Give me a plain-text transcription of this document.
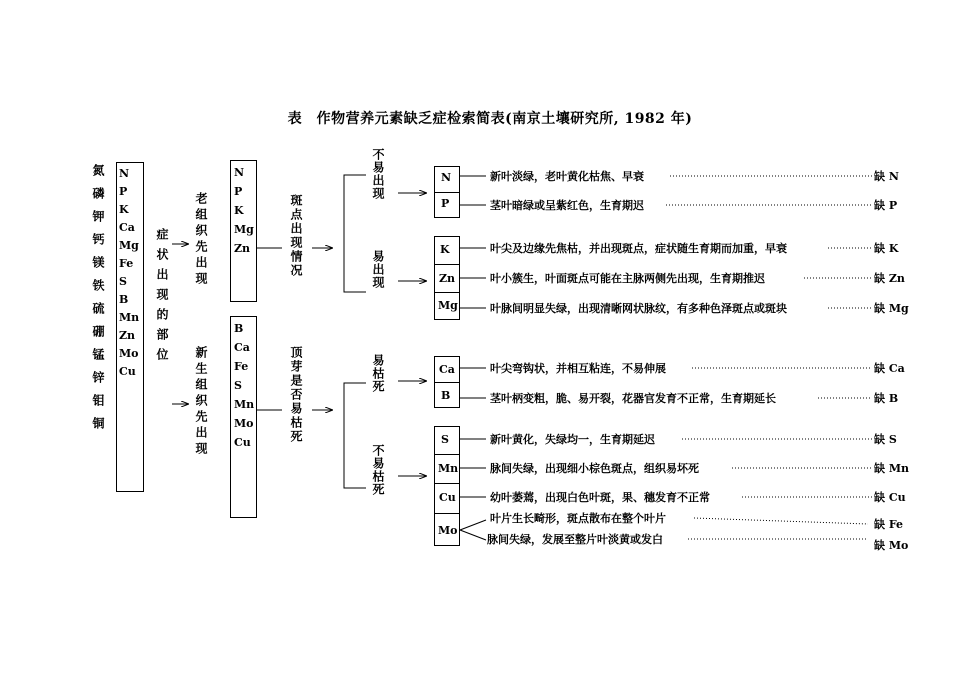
表　作物营养元素缺乏症检索简表(南京土壤研究所, 1982 年)
氮磷钾钙镁铁硫硼锰锌钼铜
N
P
K
Ca
Mg
Fe
S
B
Mn
Zn
Mo
Cu
症状出现的部位 老组织先出现
新生组织先出现
N
P
K
Mg
Zn
B
Ca
Fe
S
Mn
Mo
Cu
斑点出现情况
顶芽是否易枯死
不易出现
易出现
易枯死
不易枯死
N
P
K
Zn
Mg
Ca
B
S
Mn
Cu
Mo
新叶淡绿，老叶黄化枯焦、早衰
茎叶暗绿或呈紫红色，生育期迟
叶尖及边缘先焦枯，并出现斑点，症状随生育期而加重，早衰
叶小簇生，叶面斑点可能在主脉两侧先出现，生育期推迟
叶脉间明显失绿，出现清晰网状脉纹，有多种色泽斑点或斑块
叶尖弯钩状，并相互粘连，不易伸展
茎叶柄变粗，脆、易开裂，花器官发育不正常，生育期延长
新叶黄化，失绿均一，生育期延迟
脉间失绿，出现细小棕色斑点，组织易坏死
幼叶萎蔫，出现白色叶斑，果、穗发育不正常
叶片生长畸形，斑点散布在整个叶片
脉间失绿，发展至整片叶淡黄或发白
缺 N
缺 P
缺 K
缺 Zn
缺 Mg
缺 Ca
缺 B
缺 S
缺 Mn
缺 Cu
缺 Fe
缺 Mo
